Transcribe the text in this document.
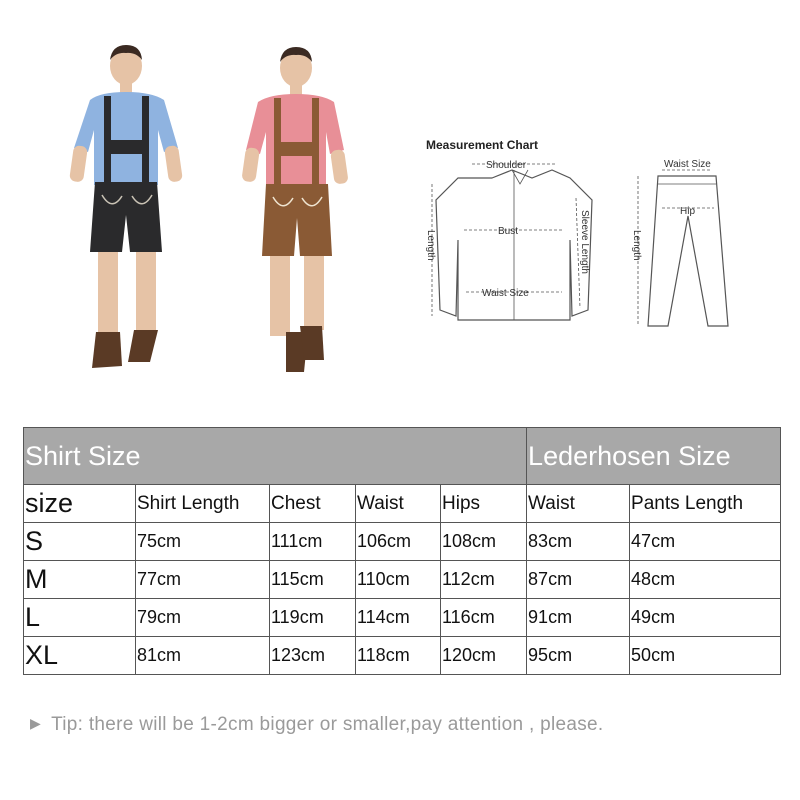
Measurement Chart
Shoulder
Bust
Waist Size
Length	Sleeve Length
Waist Size
Hip
Length
Shirt Size					Lederhosen Size	
size	Shirt Length	Chest	Waist	Hips	Waist	Pants Length
S	75cm	111cm	106cm	108cm	83cm	47cm
M	77cm	115cm	110cm	112cm	87cm	48cm
L	79cm	119cm	114cm	116cm	91cm	49cm
XL	81cm	123cm	118cm	120cm	95cm	50cm
▶ Tip: there will be 1-2cm bigger or smaller,pay attention , please.
